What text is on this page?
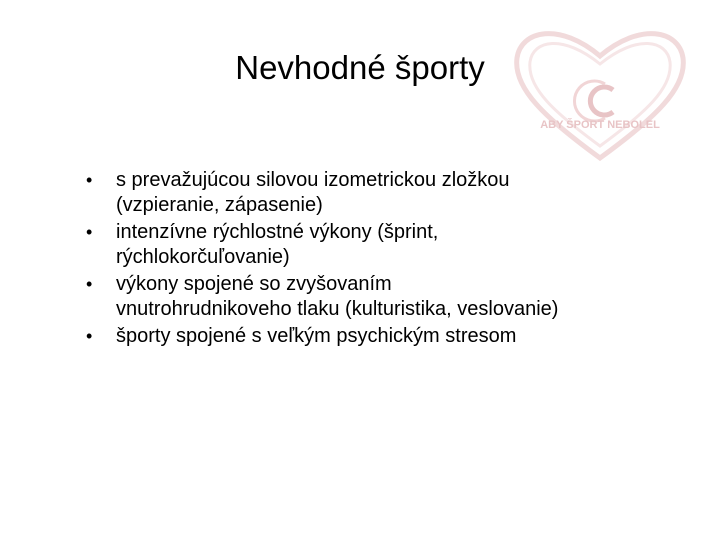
ABY ŠPORT NEBOLEL
Nevhodné športy
• s prevažujúcou silovou izometrickou zložkou
(vzpieranie, zápasenie)
• intenzívne rýchlostné výkony (šprint,
rýchlokorčuľovanie)
• výkony spojené so zvyšovaním
vnutrohrudnikoveho tlaku (kulturistika, veslovanie)
• športy spojené s veľkým psychickým stresom
